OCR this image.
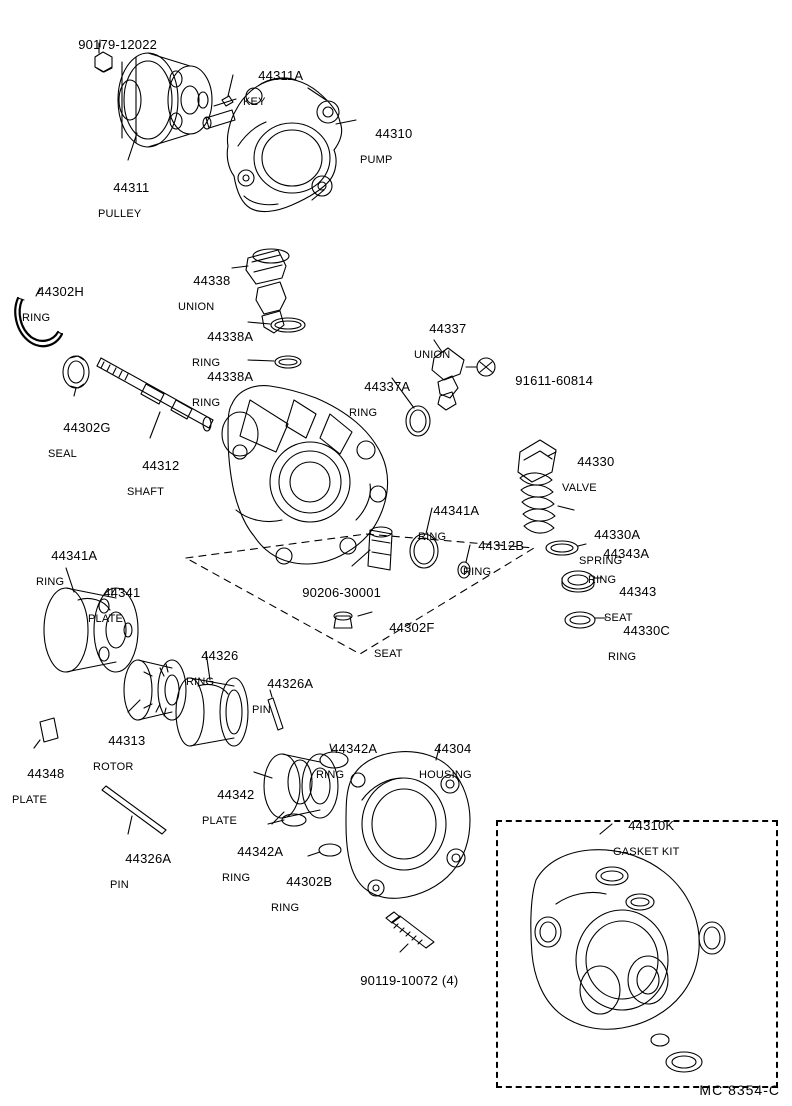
90179-12022

44311A

KEY

44310

PUMP

44311

PULLEY

44302H

RING

44338

UNION

44338A

RING

44338A

RING

44337

UNION

44337A

RING

91611-60814

44302G

SEAL

44312

SHAFT

44330

VALVE

44330A

SPRING

44341A

RING

44312B

RING

44343A

RING

44343

SEAT

44330C

RING

90206-30001

44302F

SEAT

44341A

RING

44341

PLATE

44326

RING

	44326A

PIN

44313

ROTOR

44348

PLATE

44342A

RING

44304

HOUSING

44342

PLATE

44342A

RING

	44302B

RING

44326A

PIN

90119-10072 (4)

44310K

GASKET KIT

MC 8354-C
